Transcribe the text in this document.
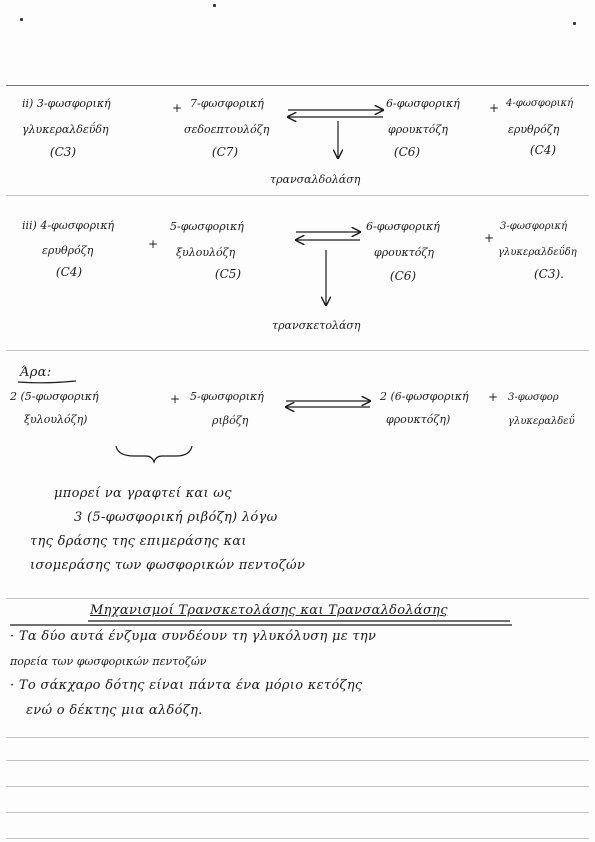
ii) 3-φωσφορική
γλυκεραλδεΰδη
(C3)
+ 7-φωσφορική
σεδοεπτουλόζη
(C7)
6-φωσφορική
φρουκτόζη
(C6)
+ 4-φωσφορική
ερυθρόζη
(C4)
τρανσαλδολάση
iii) 4-φωσφορική
ερυθρόζη
(C4)
+
5-φωσφορική
ξυλουλόζη
(C5)
6-φωσφορική
φρουκτόζη
(C6)
+
3-φωσφορική
γλυκεραλδεΰδη
(C3).
τρανσκετολάση
Άρα:
2 (5-φωσφορική
ξυλουλόζη)
+ 5-φωσφορική
ριβόζη
2 (6-φωσφορική
φρουκτόζη)
+ 3-φωσφορ
γλυκεραλδεΰ
μπορεί να γραφτεί και ως
3 (5-φωσφορική ριβόζη) λόγω
της δράσης της επιμεράσης και
ισομεράσης των φωσφορικών πεντοζών
Μηχανισμοί Τρανσκετολάσης και Τρανσαλδολάσης
· Τα δύο αυτά ένζυμα συνδέουν τη γλυκόλυση με την
πορεία των φωσφορικών πεντοζών
· Το σάκχαρο δότης είναι πάντα ένα μόριο κετόζης
ενώ ο δέκτης μια αλδόζη.
